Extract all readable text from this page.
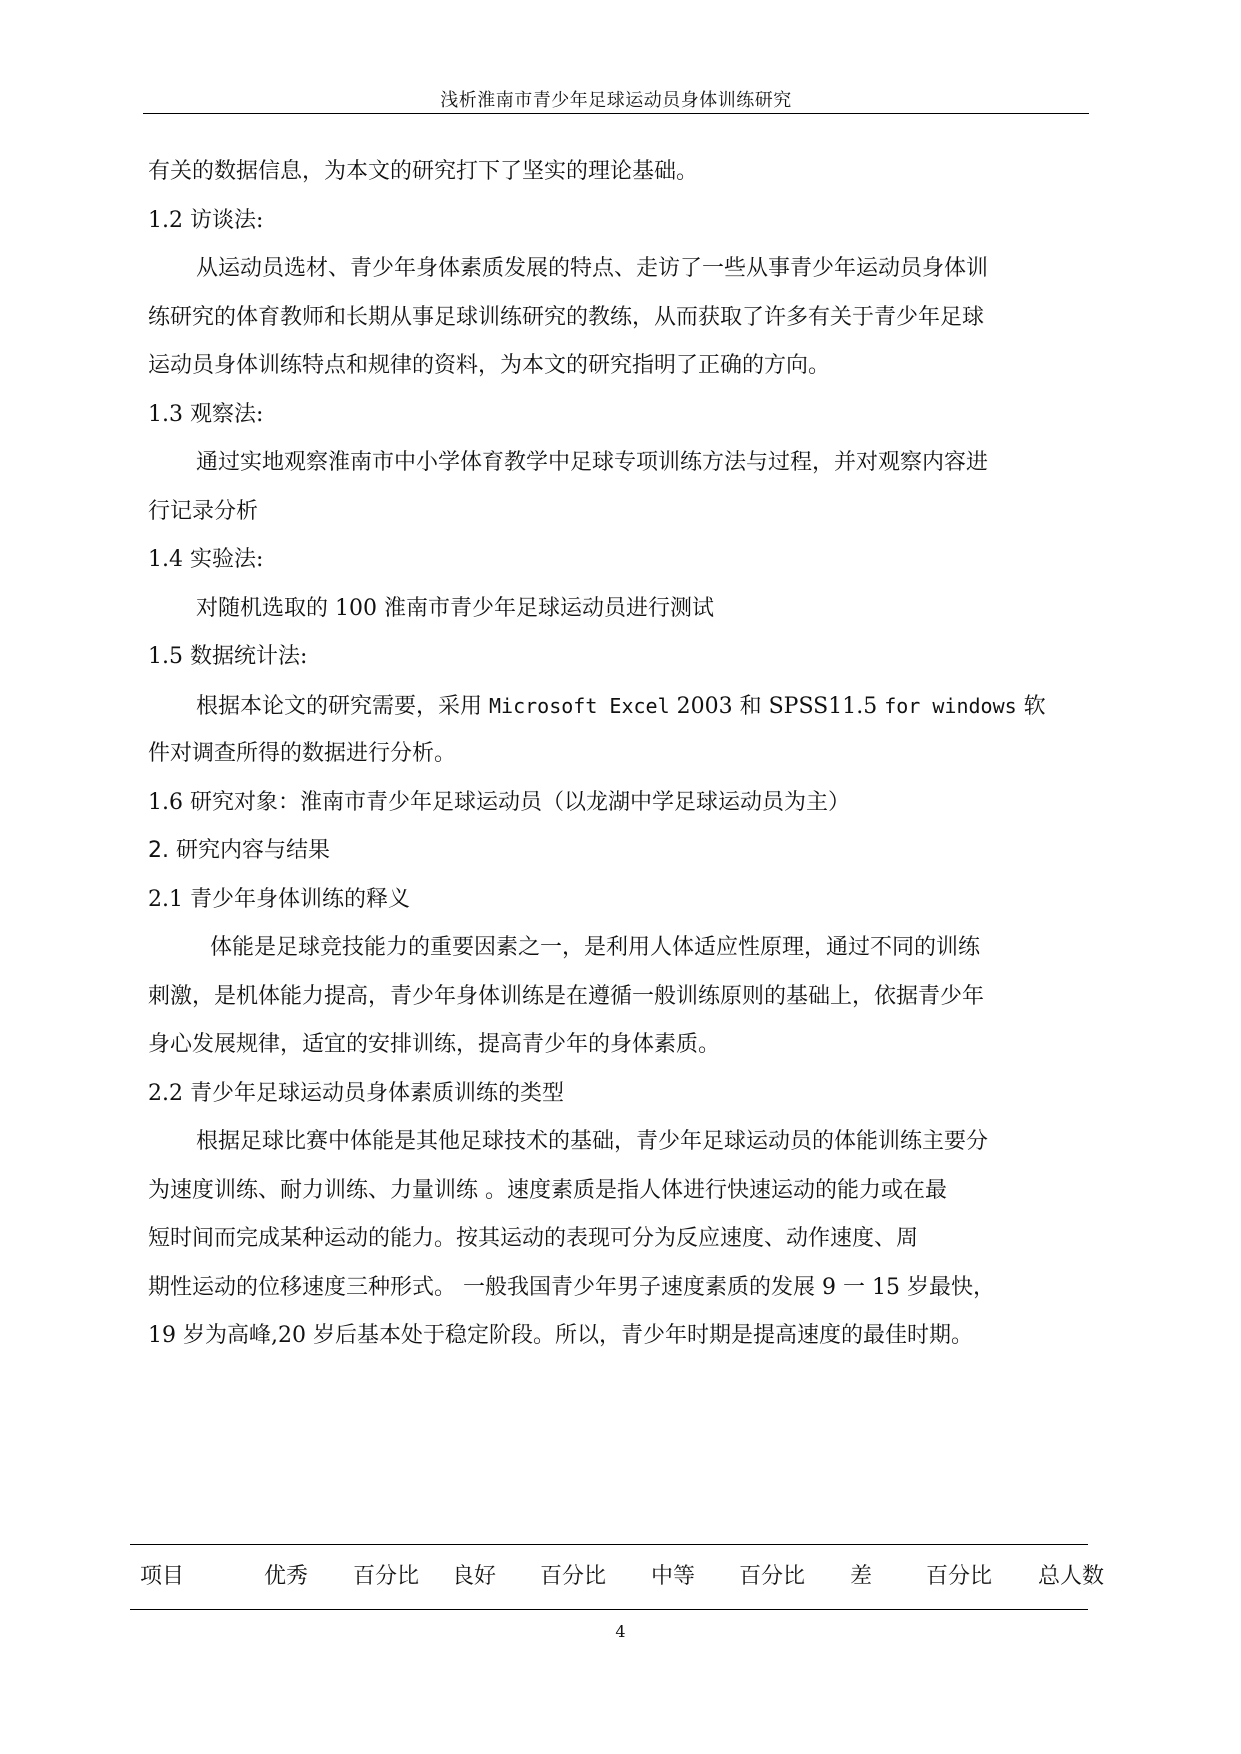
浅析淮南市青少年足球运动员身体训练研究
有关的数据信息，为本文的研究打下了坚实的理论基础。
1.2 访谈法:
从运动员选材、青少年身体素质发展的特点、走访了一些从事青少年运动员身体训
练研究的体育教师和长期从事足球训练研究的教练，从而获取了许多有关于青少年足球
运动员身体训练特点和规律的资料，为本文的研究指明了正确的方向。
1.3 观察法:
通过实地观察淮南市中小学体育教学中足球专项训练方法与过程，并对观察内容进
行记录分析
1.4 实验法:
对随机选取的 100 淮南市青少年足球运动员进行测试
1.5 数据统计法:
根据本论文的研究需要，采用 Microsoft Excel 2003 和 SPSS11.5 for windows 软
件对调查所得的数据进行分析。
1.6 研究对象：淮南市青少年足球运动员（以龙湖中学足球运动员为主）
2. 研究内容与结果
2.1 青少年身体训练的释义
体能是足球竞技能力的重要因素之一，是利用人体适应性原理，通过不同的训练
刺激，是机体能力提高，青少年身体训练是在遵循一般训练原则的基础上，依据青少年
身心发展规律，适宜的安排训练，提高青少年的身体素质。
2.2 青少年足球运动员身体素质训练的类型
根据足球比赛中体能是其他足球技术的基础，青少年足球运动员的体能训练主要分
为速度训练、耐力训练、力量训练 。速度素质是指人体进行快速运动的能力或在最
短时间而完成某种运动的能力。按其运动的表现可分为反应速度、动作速度、周
期性运动的位移速度三种形式。 一般我国青少年男子速度素质的发展 9 一 15 岁最快，
19 岁为高峰,20 岁后基本处于稳定阶段。所以，青少年时期是提高速度的最佳时期。
项目	优秀 百分比 良好 百分比 中等 百分比 差 百分比 总人数
4
